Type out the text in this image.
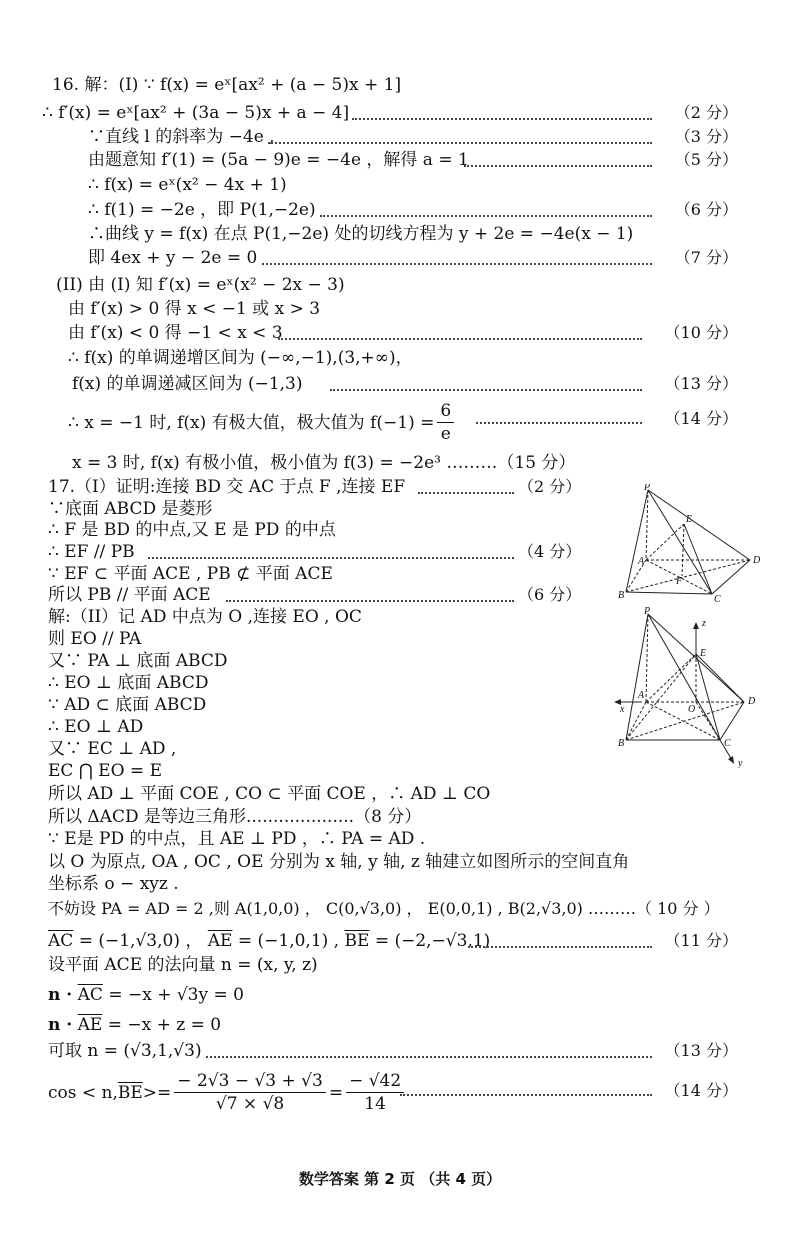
16. 解：(I) ∵ f(x) = eˣ[ax² + (a − 5)x + 1]
∴ f′(x) = eˣ[ax² + (3a − 5)x + a − 4]	（2 分）
∵直线 l 的斜率为 −4e ,	（3 分）
由题意知 f′(1) = (5a − 9)e = −4e ，解得 a = 1	（5 分）
∴ f(x) = eˣ(x² − 4x + 1)
∴ f(1) = −2e ，即 P(1,−2e)	（6 分）
∴曲线 y = f(x) 在点 P(1,−2e) 处的切线方程为 y + 2e = −4e(x − 1)
即 4ex + y − 2e = 0	（7 分）
(II) 由 (I) 知 f′(x) = eˣ(x² − 2x − 3)
由 f′(x) > 0 得 x < −1 或 x > 3
由 f′(x) < 0 得 −1 < x < 3	（10 分）
∴ f(x) 的单调递增区间为 (−∞,−1),(3,+∞)，
f(x) 的单调递减区间为 (−1,3)	（13 分）
∴ x = −1 时, f(x) 有极大值，极大值为 $f(-1) = \frac{6}{e}$	（14 分）
x = 3 时, f(x) 有极小值，极小值为 f(3) = −2e³ ………（15 分）
17.（I）证明:连接 BD 交 AC 于点 F ,连接 EF	（2 分）
∵底面 ABCD 是菱形
∴ F 是 BD 的中点,又 E 是 PD 的中点
∴ EF // PB	（4 分）
∵ EF ⊂ 平面 ACE , PB ⊄ 平面 ACE
所以 PB // 平面 ACE	（6 分）
解:（II）记 AD 中点为 O ,连接 EO , OC
则 EO // PA
又∵ PA ⊥ 底面 ABCD
∴ EO ⊥ 底面 ABCD
∵ AD ⊂ 底面 ABCD
∴ EO ⊥ AD
又∵ EC ⊥ AD ,
EC ⋂ EO = E
所以 AD ⊥ 平面 COE , CO ⊂ 平面 COE ，∴ AD ⊥ CO
所以 ΔACD 是等边三角形....................（8 分）
∵ E是 PD 的中点，且 AE ⊥ PD ，∴ PA = AD .
以 O 为原点, OA , OC , OE 分别为 x 轴, y 轴, z 轴建立如图所示的空间直角
坐标系 o − xyz .
不妨设 PA = AD = 2 ,则 A(1,0,0) ， C(0,√3,0) ， E(0,0,1) , B(2,√3,0) ………（ 10 分 ）
$\overline{AC} = (-1,√3,0)$ ， $\overline{AE} = (-1,0,1)$ , $\overline{BE} = (-2,-√3,1)$	（11 分）
设平面 ACE 的法向量 n = (x, y, z)
$n \cdot \overline{AC} = -x + √3y = 0$
$n \cdot \overline{AE} = -x + z = 0$
可取 n = (√3,1,√3)	（13 分）
cos < n, $\overline{BE} >= \frac{- 2√3 - √3 + √3}{√7 \times √8} = \frac{- √42}{14}$	（14 分）
P
E
A
F
D
B	C
P
z
E
A
x	O
D
B	C
y
数学答案 第 2 页 （共 4 页）
